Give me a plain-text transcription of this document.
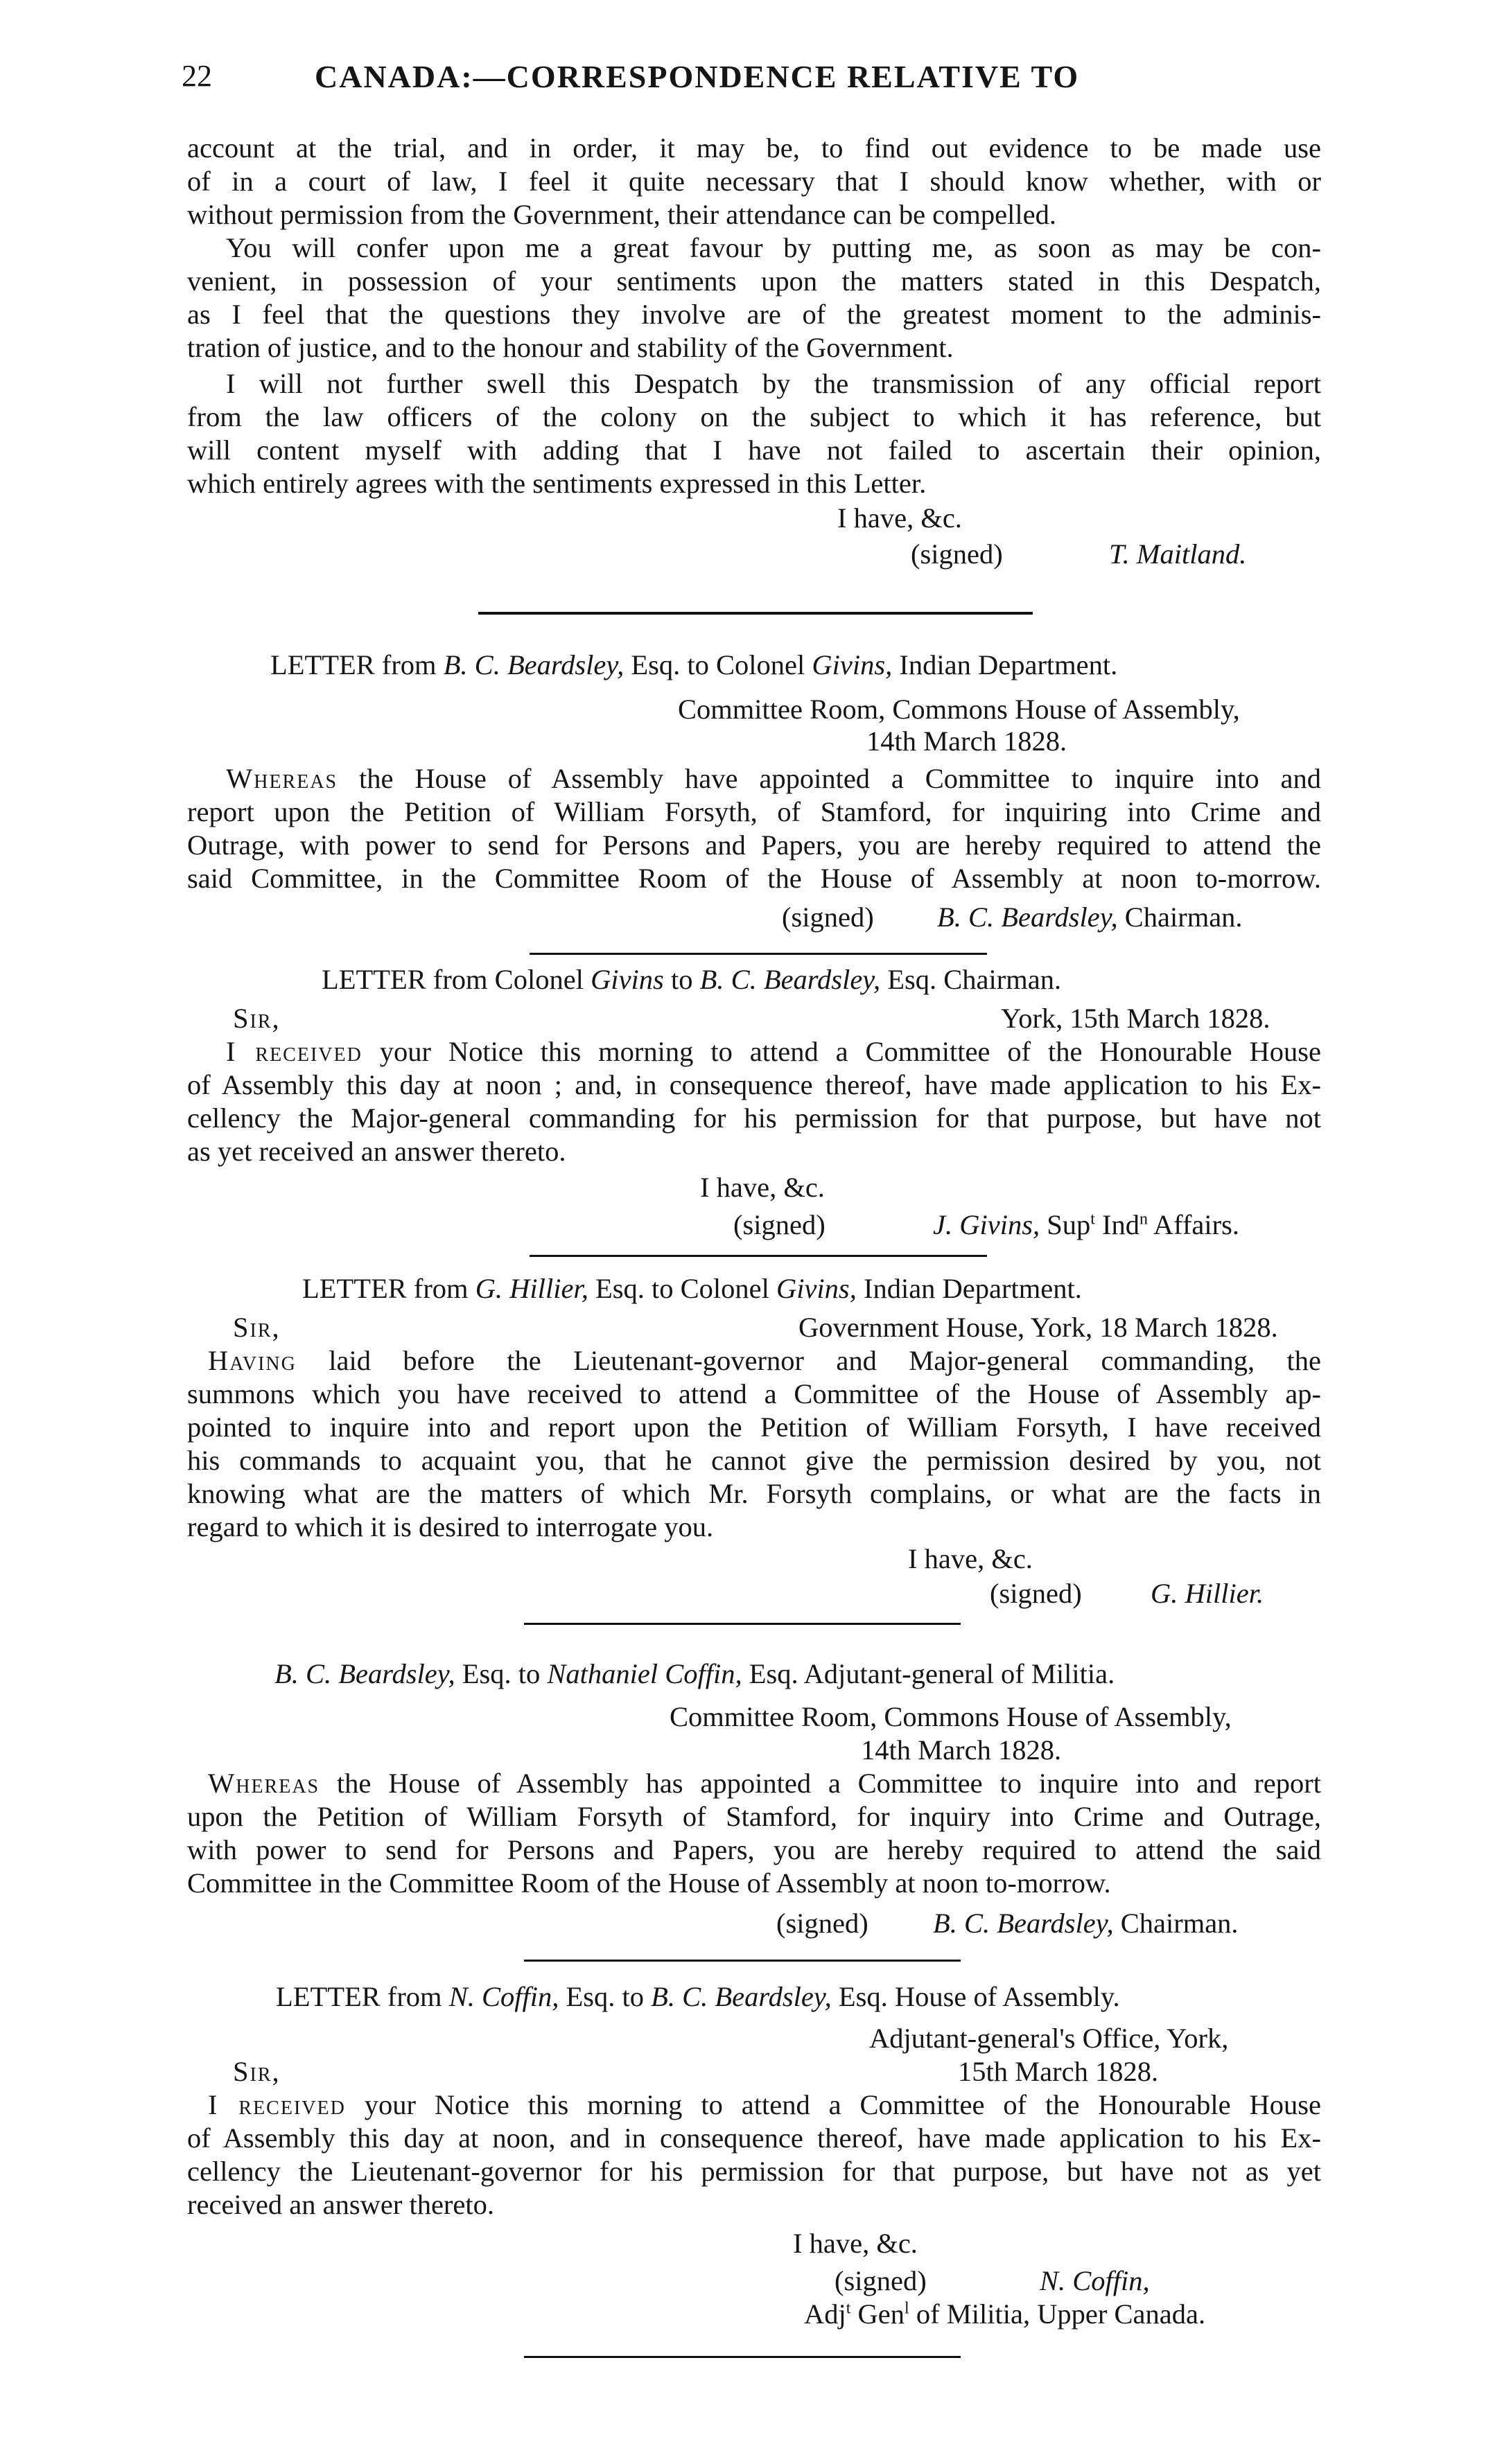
22	CANADA:—CORRESPONDENCE RELATIVE TO
account at the trial, and in order, it may be, to find out evidence to be made use
of in a court of law, I feel it quite necessary that I should know whether, with or
without permission from the Government, their attendance can be compelled.
You will confer upon me a great favour by putting me, as soon as may be con-
venient, in possession of your sentiments upon the matters stated in this Despatch,
as I feel that the questions they involve are of the greatest moment to the adminis-
tration of justice, and to the honour and stability of the Government.
I will not further swell this Despatch by the transmission of any official report
from the law officers of the colony on the subject to which it has reference, but
will content myself with adding that I have not failed to ascertain their opinion,
which entirely agrees with the sentiments expressed in this Letter.
I have, &c.
(signed)	T. Maitland.
LETTER from B. C. Beardsley, Esq. to Colonel Givins, Indian Department.
Committee Room, Commons House of Assembly,
14th March 1828.
Whereas the House of Assembly have appointed a Committee to inquire into and
report upon the Petition of William Forsyth, of Stamford, for inquiring into Crime and
Outrage, with power to send for Persons and Papers, you are hereby required to attend the
said Committee, in the Committee Room of the House of Assembly at noon to-morrow.
(signed) B. C. Beardsley, Chairman.
LETTER from Colonel Givins to B. C. Beardsley, Esq. Chairman.
Sir,	York, 15th March 1828.
I received your Notice this morning to attend a Committee of the Honourable House
of Assembly this day at noon ; and, in consequence thereof, have made application to his Ex-
cellency the Major-general commanding for his permission for that purpose, but have not
as yet received an answer thereto.
I have, &c.
(signed)	J. Givins, Sup$^t$ Ind$^n$ Affairs.
LETTER from G. Hillier, Esq. to Colonel Givins, Indian Department.
Sir,	Government House, York, 18 March 1828.
Having laid before the Lieutenant-governor and Major-general commanding, the
summons which you have received to attend a Committee of the House of Assembly ap-
pointed to inquire into and report upon the Petition of William Forsyth, I have received
his commands to acquaint you, that he cannot give the permission desired by you, not
knowing what are the matters of which Mr. Forsyth complains, or what are the facts in
regard to which it is desired to interrogate you.
I have, &c.
(signed) G. Hillier.
B. C. Beardsley, Esq. to Nathaniel Coffin, Esq. Adjutant-general of Militia.
Committee Room, Commons House of Assembly,
14th March 1828.
Whereas the House of Assembly has appointed a Committee to inquire into and report
upon the Petition of William Forsyth of Stamford, for inquiry into Crime and Outrage,
with power to send for Persons and Papers, you are hereby required to attend the said
Committee in the Committee Room of the House of Assembly at noon to-morrow.
(signed) B. C. Beardsley, Chairman.
LETTER from N. Coffin, Esq. to B. C. Beardsley, Esq. House of Assembly.
Adjutant-general's Office, York,
Sir,	15th March 1828.
I received your Notice this morning to attend a Committee of the Honourable House
of Assembly this day at noon, and in consequence thereof, have made application to his Ex-
cellency the Lieutenant-governor for his permission for that purpose, but have not as yet
received an answer thereto.
I have, &c.
(signed)	N. Coffin,
Adj$^t$ Gen$^l$ of Militia, Upper Canada.
